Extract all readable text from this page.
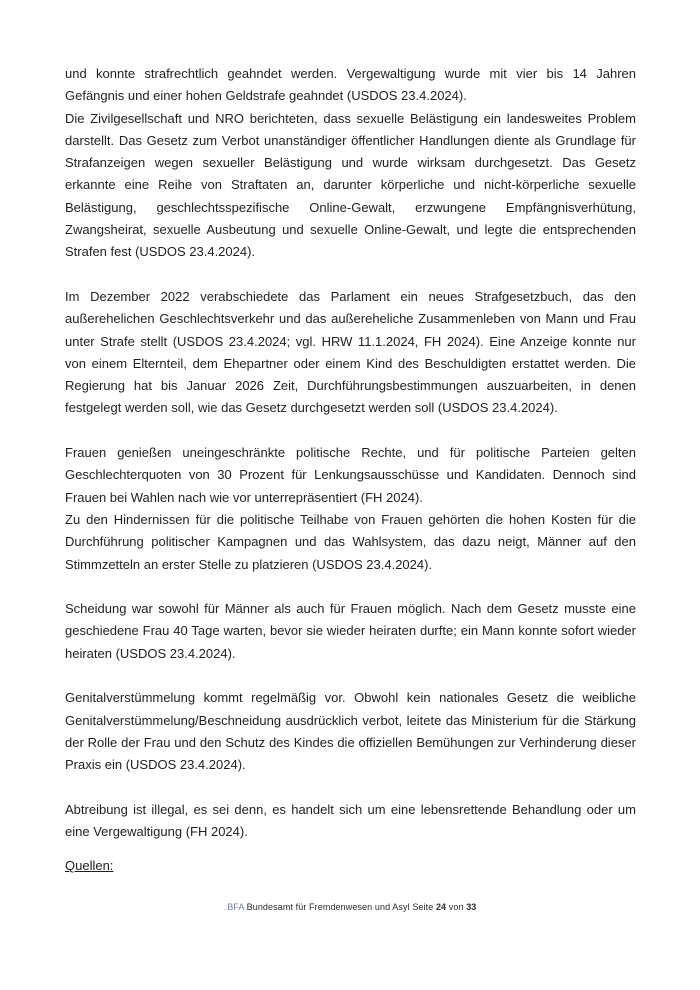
und konnte strafrechtlich geahndet werden. Vergewaltigung wurde mit vier bis 14 Jahren
Gefängnis und einer hohen Geldstrafe geahndet (USDOS 23.4.2024).
Die Zivilgesellschaft und NRO berichteten, dass sexuelle Belästigung ein landesweites Problem
darstellt. Das Gesetz zum Verbot unanständiger öffentlicher Handlungen diente als Grundlage für
Strafanzeigen wegen sexueller Belästigung und wurde wirksam durchgesetzt. Das Gesetz
erkannte eine Reihe von Straftaten an, darunter körperliche und nicht-körperliche sexuelle
Belästigung, geschlechtsspezifische Online-Gewalt, erzwungene Empfängnisverhütung,
Zwangsheirat, sexuelle Ausbeutung und sexuelle Online-Gewalt, und legte die entsprechenden
Strafen fest (USDOS 23.4.2024).
Im Dezember 2022 verabschiedete das Parlament ein neues Strafgesetzbuch, das den
außerehelichen Geschlechtsverkehr und das außereheliche Zusammenleben von Mann und Frau
unter Strafe stellt (USDOS 23.4.2024; vgl. HRW 11.1.2024, FH 2024). Eine Anzeige konnte nur
von einem Elternteil, dem Ehepartner oder einem Kind des Beschuldigten erstattet werden. Die
Regierung hat bis Januar 2026 Zeit, Durchführungsbestimmungen auszuarbeiten, in denen
festgelegt werden soll, wie das Gesetz durchgesetzt werden soll (USDOS 23.4.2024).
Frauen genießen uneingeschränkte politische Rechte, und für politische Parteien gelten
Geschlechterquoten von 30 Prozent für Lenkungsausschüsse und Kandidaten. Dennoch sind
Frauen bei Wahlen nach wie vor unterrepräsentiert (FH 2024).
Zu den Hindernissen für die politische Teilhabe von Frauen gehörten die hohen Kosten für die
Durchführung politischer Kampagnen und das Wahlsystem, das dazu neigt, Männer auf den
Stimmzetteln an erster Stelle zu platzieren (USDOS 23.4.2024).
Scheidung war sowohl für Männer als auch für Frauen möglich. Nach dem Gesetz musste eine
geschiedene Frau 40 Tage warten, bevor sie wieder heiraten durfte; ein Mann konnte sofort wieder
heiraten (USDOS 23.4.2024).
Genitalverstümmelung kommt regelmäßig vor. Obwohl kein nationales Gesetz die weibliche
Genitalverstümmelung/Beschneidung ausdrücklich verbot, leitete das Ministerium für die Stärkung
der Rolle der Frau und den Schutz des Kindes die offiziellen Bemühungen zur Verhinderung dieser
Praxis ein (USDOS 23.4.2024).
Abtreibung ist illegal, es sei denn, es handelt sich um eine lebensrettende Behandlung oder um
eine Vergewaltigung (FH 2024).
Quellen:
.BFA Bundesamt für Fremdenwesen und Asyl Seite 24 von 33
